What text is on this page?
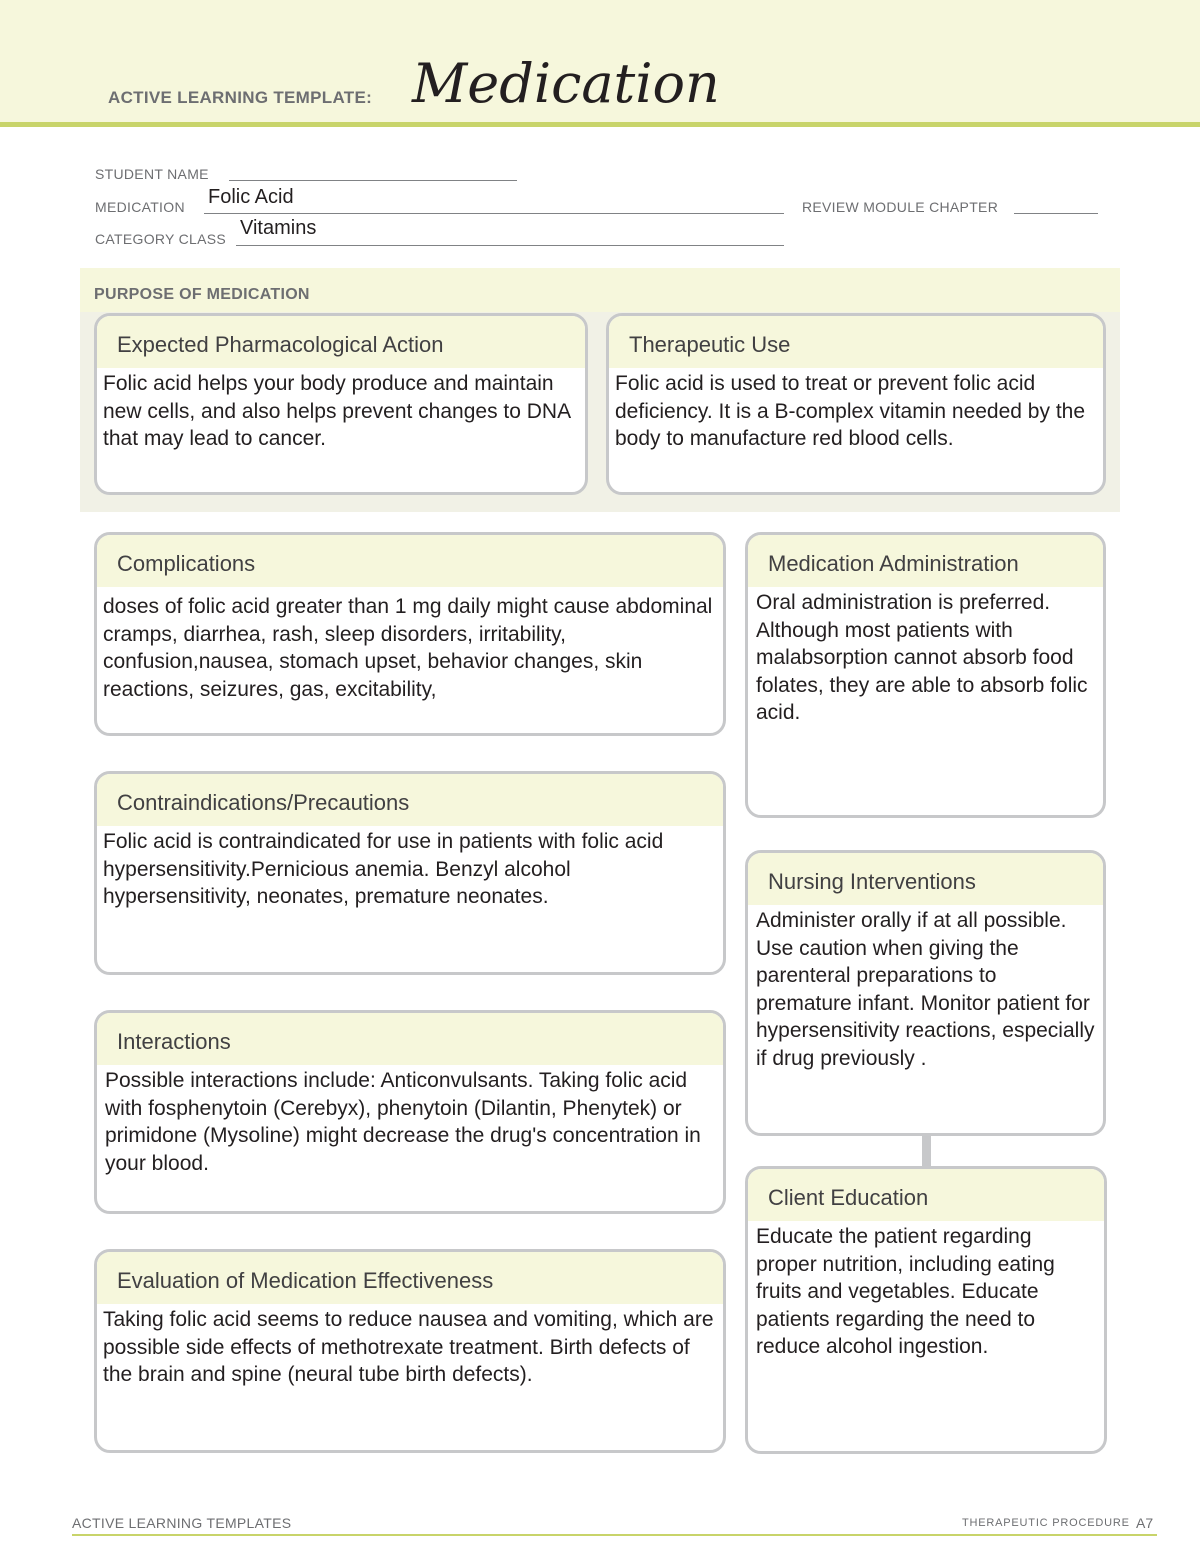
ACTIVE LEARNING TEMPLATE: Medication
STUDENT NAME
MEDICATION Folic Acid	REVIEW MODULE CHAPTER
CATEGORY CLASS Vitamins
PURPOSE OF MEDICATION
Expected Pharmacological Action
Folic acid helps your body produce and maintain new cells, and also helps prevent changes to DNA that may lead to cancer.
Therapeutic Use
Folic acid is used to treat or prevent folic acid deficiency. It is a B-complex vitamin needed by the body to manufacture red blood cells.
Complications
doses of folic acid greater than 1 mg daily might cause abdominal cramps, diarrhea, rash, sleep disorders, irritability, confusion,nausea, stomach upset, behavior changes, skin reactions, seizures, gas, excitability,
Contraindications/Precautions
Folic acid is contraindicated for use in patients with folic acid hypersensitivity.Pernicious anemia. Benzyl alcohol hypersensitivity, neonates, premature neonates.
Interactions
Possible interactions include: Anticonvulsants. Taking folic acid with fosphenytoin (Cerebyx), phenytoin (Dilantin, Phenytek) or primidone (Mysoline) might decrease the drug's concentration in your blood.
Evaluation of Medication Effectiveness
Taking folic acid seems to reduce nausea and vomiting, which are possible side effects of methotrexate treatment. Birth defects of the brain and spine (neural tube birth defects).
Medication Administration
Oral administration is preferred. Although most patients with malabsorption cannot absorb food folates, they are able to absorb folic acid.
Nursing Interventions
Administer orally if at all possible. Use caution when giving the parenteral preparations to premature infant. Monitor patient for hypersensitivity reactions, especially if drug previously .
Client Education
Educate the patient regarding proper nutrition, including eating fruits and vegetables. Educate patients regarding the need to reduce alcohol ingestion.
ACTIVE LEARNING TEMPLATES	THERAPEUTIC PROCEDURE A7
